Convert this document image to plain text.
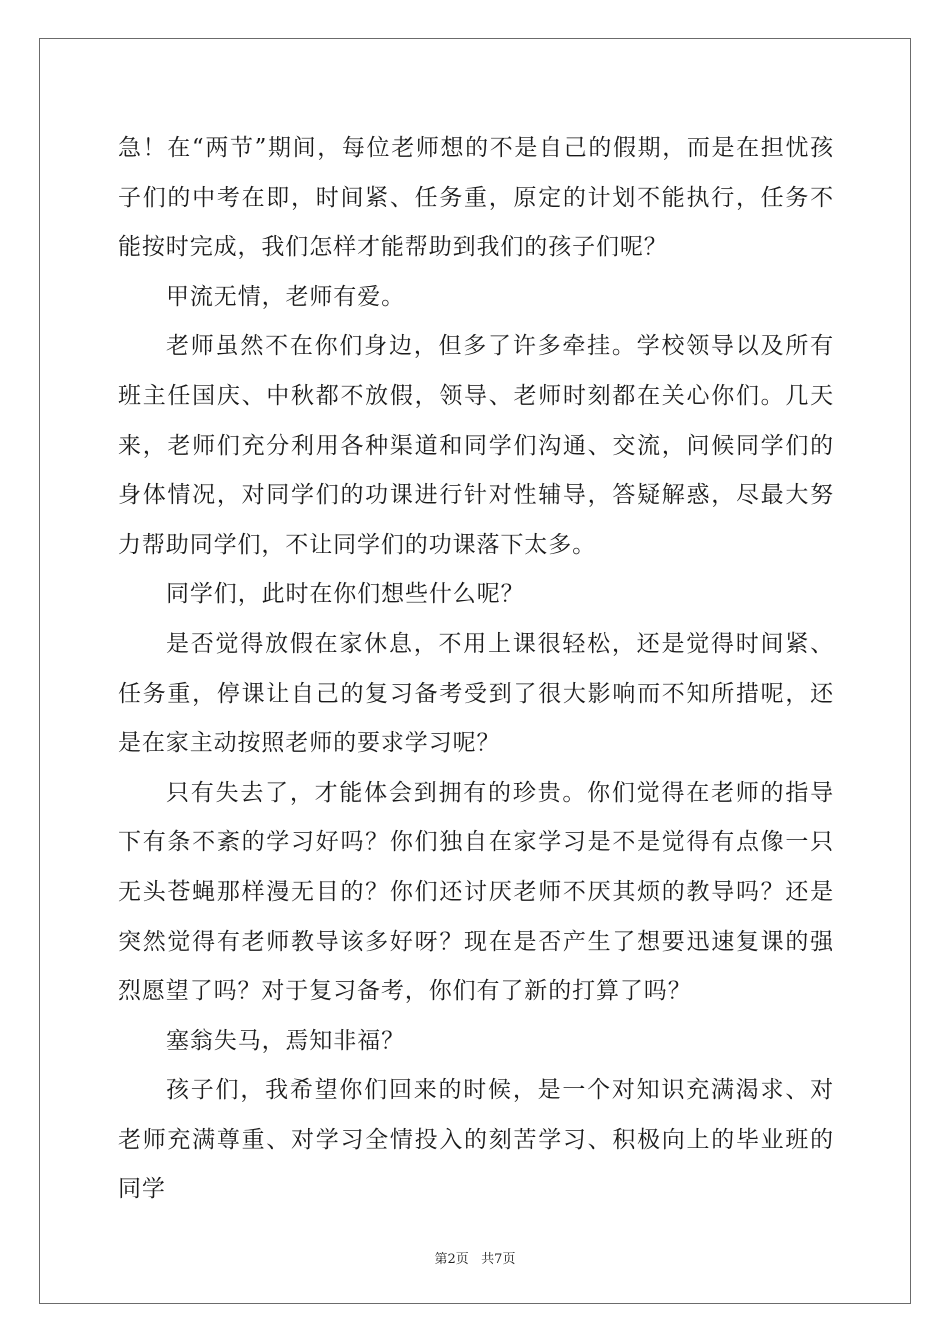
急！在“两节”期间，每位老师想的不是自己的假期，而是在担忧孩子们的中考在即，时间紧、任务重，原定的计划不能执行，任务不能按时完成，我们怎样才能帮助到我们的孩子们呢？

甲流无情，老师有爱。

老师虽然不在你们身边，但多了许多牵挂。学校领导以及所有班主任国庆、中秋都不放假，领导、老师时刻都在关心你们。几天来，老师们充分利用各种渠道和同学们沟通、交流，问候同学们的身体情况，对同学们的功课进行针对性辅导，答疑解惑，尽最大努力帮助同学们，不让同学们的功课落下太多。

同学们，此时在你们想些什么呢？

是否觉得放假在家休息，不用上课很轻松，还是觉得时间紧、任务重，停课让自己的复习备考受到了很大影响而不知所措呢，还是在家主动按照老师的要求学习呢？

只有失去了，才能体会到拥有的珍贵。你们觉得在老师的指导下有条不紊的学习好吗？你们独自在家学习是不是觉得有点像一只无头苍蝇那样漫无目的？你们还讨厌老师不厌其烦的教导吗？还是突然觉得有老师教导该多好呀？现在是否产生了想要迅速复课的强烈愿望了吗？对于复习备考，你们有了新的打算了吗？

塞翁失马，焉知非福？

孩子们，我希望你们回来的时候，是一个对知识充满渴求、对老师充满尊重、对学习全情投入的刻苦学习、积极向上的毕业班的同学

第2页   共7页
